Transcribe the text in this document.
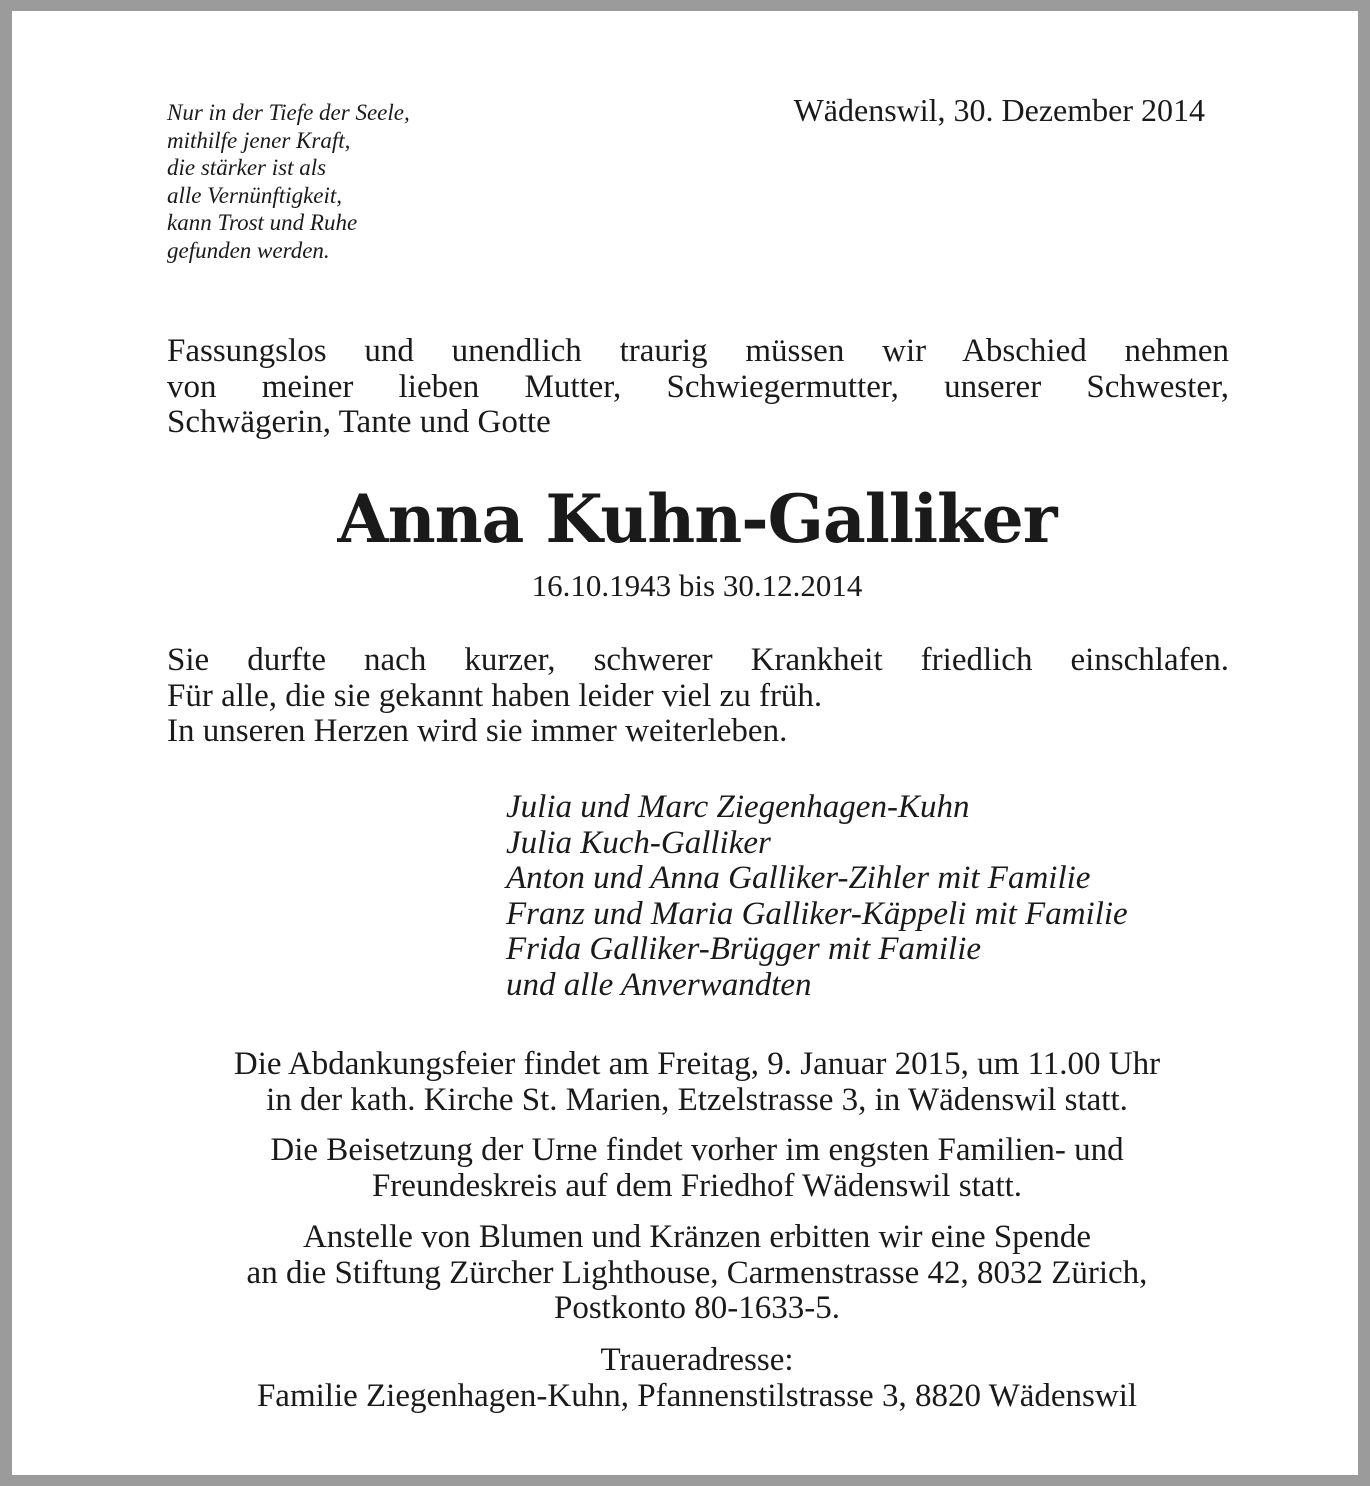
Nur in der Tiefe der Seele,
mithilfe jener Kraft,
die stärker ist als
alle Vernünftigkeit,
kann Trost und Ruhe
gefunden werden.
Wädenswil, 30. Dezember 2014
Fassungslos und unendlich traurig müssen wir Abschied nehmen
von meiner lieben Mutter, Schwiegermutter, unserer Schwester,
Schwägerin, Tante und Gotte
Anna Kuhn-Galliker
16.10.1943 bis 30.12.2014
Sie durfte nach kurzer, schwerer Krankheit friedlich einschlafen.
Für alle, die sie gekannt haben leider viel zu früh.
In unseren Herzen wird sie immer weiterleben.
Julia und Marc Ziegenhagen-Kuhn
Julia Kuch-Galliker
Anton und Anna Galliker-Zihler mit Familie
Franz und Maria Galliker-Käppeli mit Familie
Frida Galliker-Brügger mit Familie
und alle Anverwandten
Die Abdankungsfeier findet am Freitag, 9. Januar 2015, um 11.00 Uhr
in der kath. Kirche St. Marien, Etzelstrasse 3, in Wädenswil statt.
Die Beisetzung der Urne findet vorher im engsten Familien- und
Freundeskreis auf dem Friedhof Wädenswil statt.
Anstelle von Blumen und Kränzen erbitten wir eine Spende
an die Stiftung Zürcher Lighthouse, Carmenstrasse 42, 8032 Zürich,
Postkonto 80-1633-5.
Traueradresse:
Familie Ziegenhagen-Kuhn, Pfannenstilstrasse 3, 8820 Wädenswil
